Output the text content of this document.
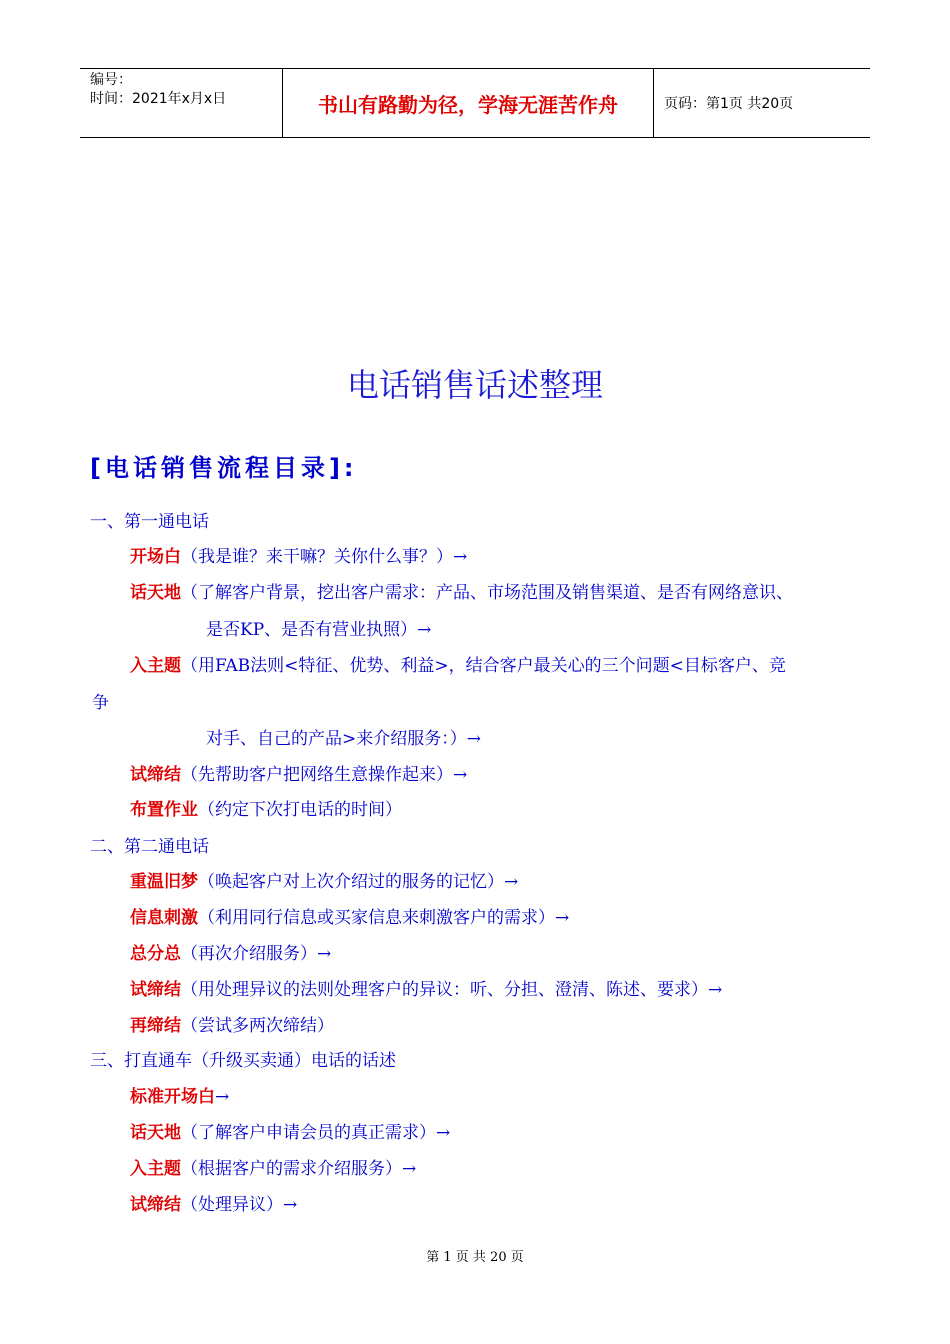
编号：
时间：2021年x月x日	书山有路勤为径，学海无涯苦作舟	页码：第1页 共20页
电话销售话述整理
[电话销售流程目录]:
一、第一通电话
开场白（我是谁？来干嘛？关你什么事？）→
话天地（了解客户背景，挖出客户需求：产品、市场范围及销售渠道、是否有网络意识、
是否KP、是否有营业执照）→
入主题（用FAB法则<特征、优势、利益>，结合客户最关心的三个问题<目标客户、竞
争
对手、自己的产品>来介绍服务：）→
试缔结（先帮助客户把网络生意操作起来）→
布置作业（约定下次打电话的时间）
二、第二通电话
重温旧梦（唤起客户对上次介绍过的服务的记忆）→
信息刺激（利用同行信息或买家信息来刺激客户的需求）→
总分总（再次介绍服务）→
试缔结（用处理异议的法则处理客户的异议：听、分担、澄清、陈述、要求）→
再缔结（尝试多两次缔结）
三、打直通车（升级买卖通）电话的话述
标准开场白→
话天地（了解客户申请会员的真正需求）→
入主题（根据客户的需求介绍服务）→
试缔结（处理异议）→
第 1 页 共 20 页
